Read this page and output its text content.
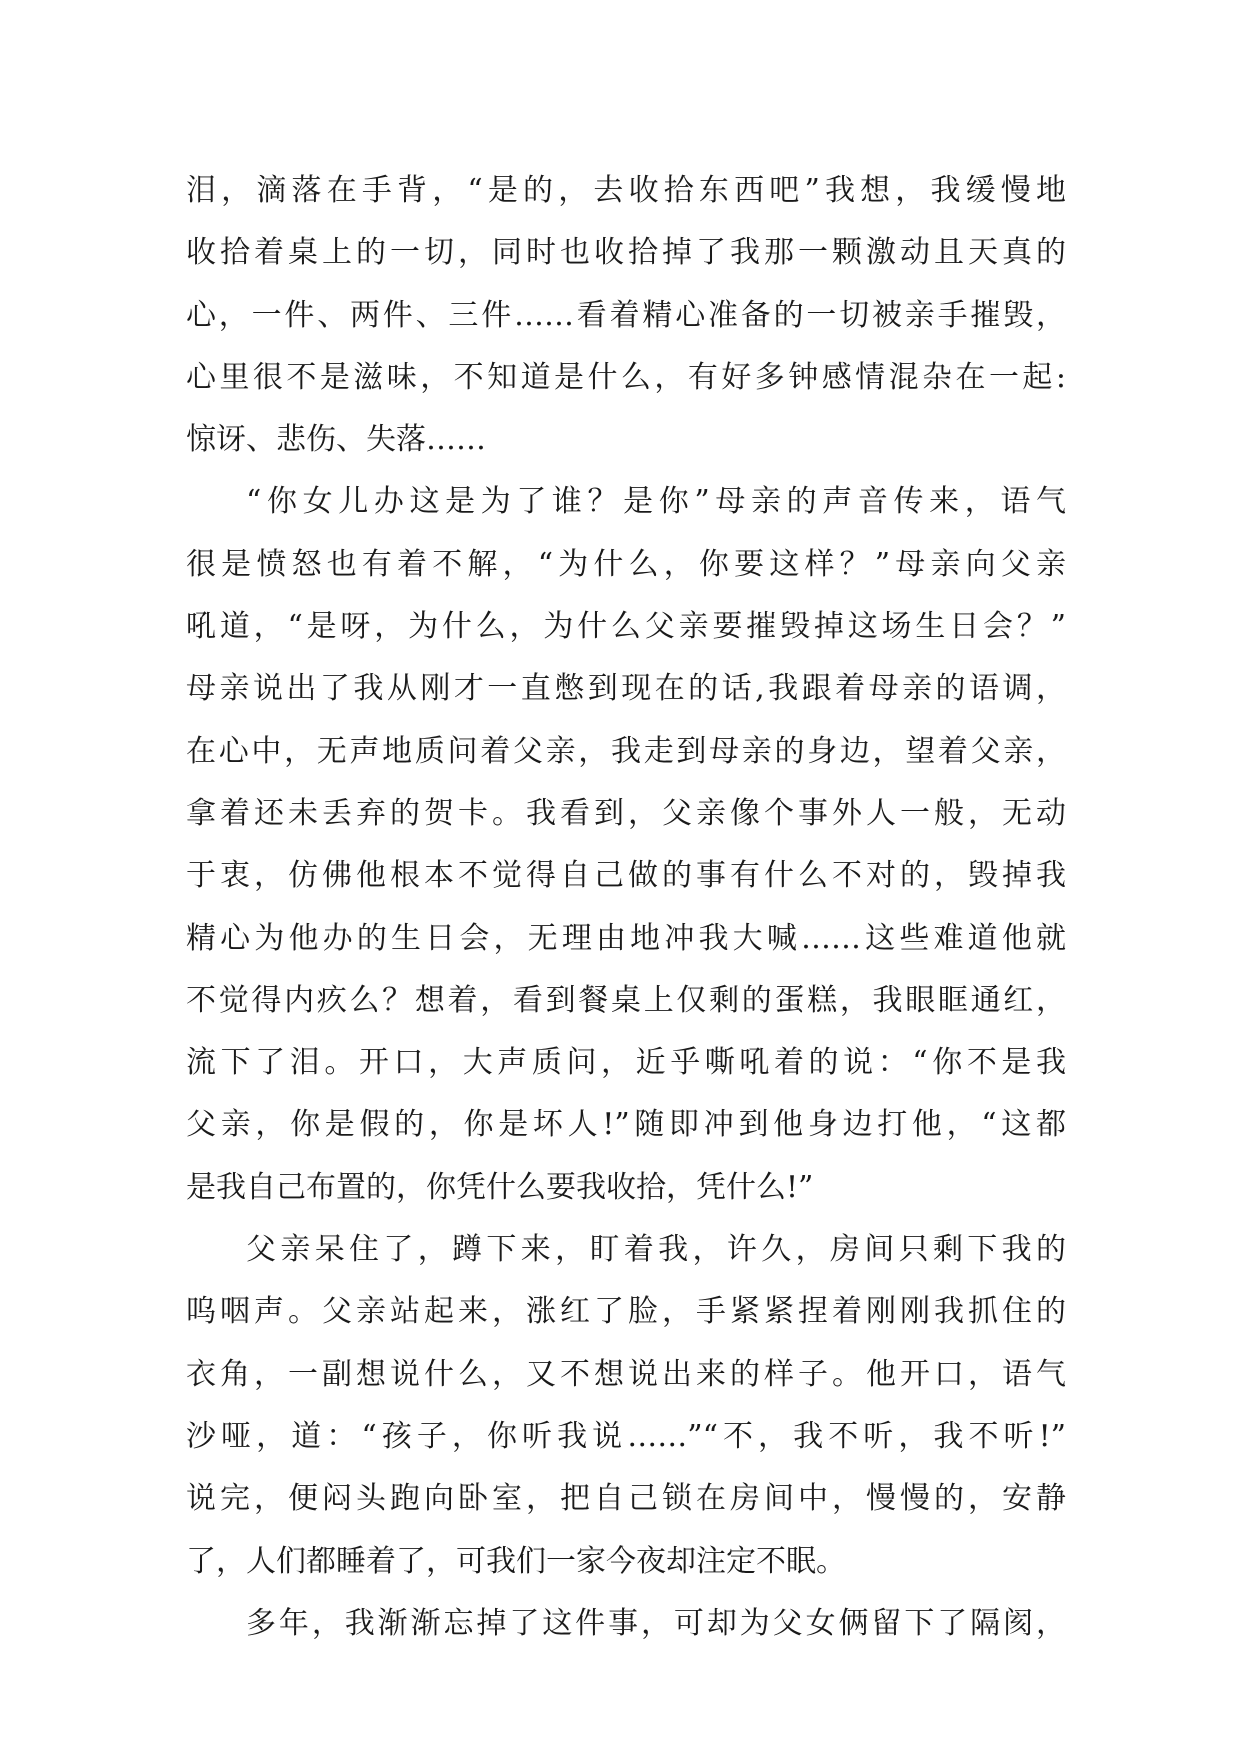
泪，滴落在手背，“是的，去收拾东西吧”我想，我缓慢地
收拾着桌上的一切，同时也收拾掉了我那一颗激动且天真的
心，一件、两件、三件……看着精心准备的一切被亲手摧毁，
心里很不是滋味，不知道是什么，有好多钟感情混杂在一起:
惊讶、悲伤、失落……
“你女儿办这是为了谁？是你”母亲的声音传来，语气
很是愤怒也有着不解，“为什么，你要这样？”母亲向父亲
吼道，“是呀，为什么，为什么父亲要摧毁掉这场生日会？”
母亲说出了我从刚才一直憋到现在的话,我跟着母亲的语调，
在心中，无声地质问着父亲，我走到母亲的身边，望着父亲，
拿着还未丢弃的贺卡。我看到，父亲像个事外人一般，无动
于衷，仿佛他根本不觉得自己做的事有什么不对的，毁掉我
精心为他办的生日会，无理由地冲我大喊……这些难道他就
不觉得内疚么？想着，看到餐桌上仅剩的蛋糕，我眼眶通红，
流下了泪。开口，大声质问，近乎嘶吼着的说：“你不是我
父亲，你是假的，你是坏人!”随即冲到他身边打他，“这都
是我自己布置的，你凭什么要我收拾，凭什么!”
父亲呆住了，蹲下来，盯着我，许久，房间只剩下我的
呜咽声。父亲站起来，涨红了脸，手紧紧捏着刚刚我抓住的
衣角，一副想说什么，又不想说出来的样子。他开口，语气
沙哑，道：“孩子，你听我说……”“不，我不听，我不听!”
说完，便闷头跑向卧室，把自己锁在房间中，慢慢的，安静
了，人们都睡着了，可我们一家今夜却注定不眠。
多年，我渐渐忘掉了这件事，可却为父女俩留下了隔阂，
